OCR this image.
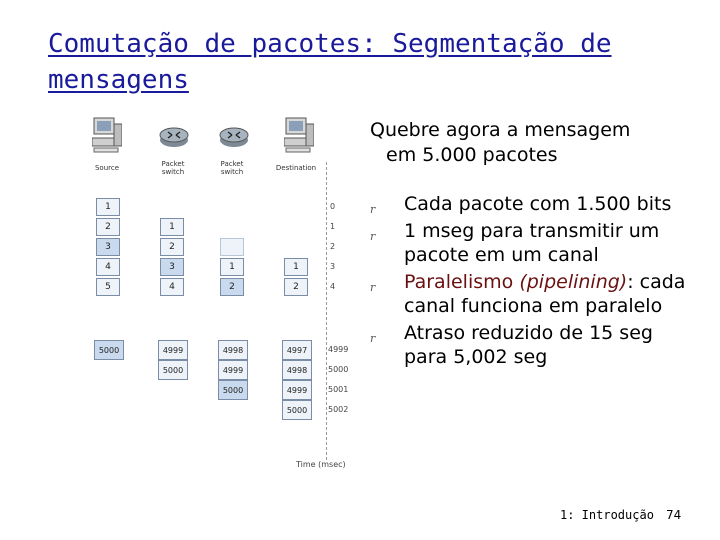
Comutação de pacotes: Segmentação de mensagens
Source	Packet
switch
Packet
switch	Destination
1
2
3
4
5
1
2
3
4
1
2
1
2
0
1
2
3
4
5000	4999
5000
4998
4999
5000
4997
4998
4999
5000
4999
5000
5001
5002
Time (msec)

Quebre agora a mensagem
em 5.000 pacotes

r Cada pacote com 1.500 bits
r 1 mseg para transmitir um pacote em um canal
r Paralelismo (pipelining): cada canal funciona em paralelo
r Atraso reduzido de 15 seg para 5,002 seg
1: Introdução 74
